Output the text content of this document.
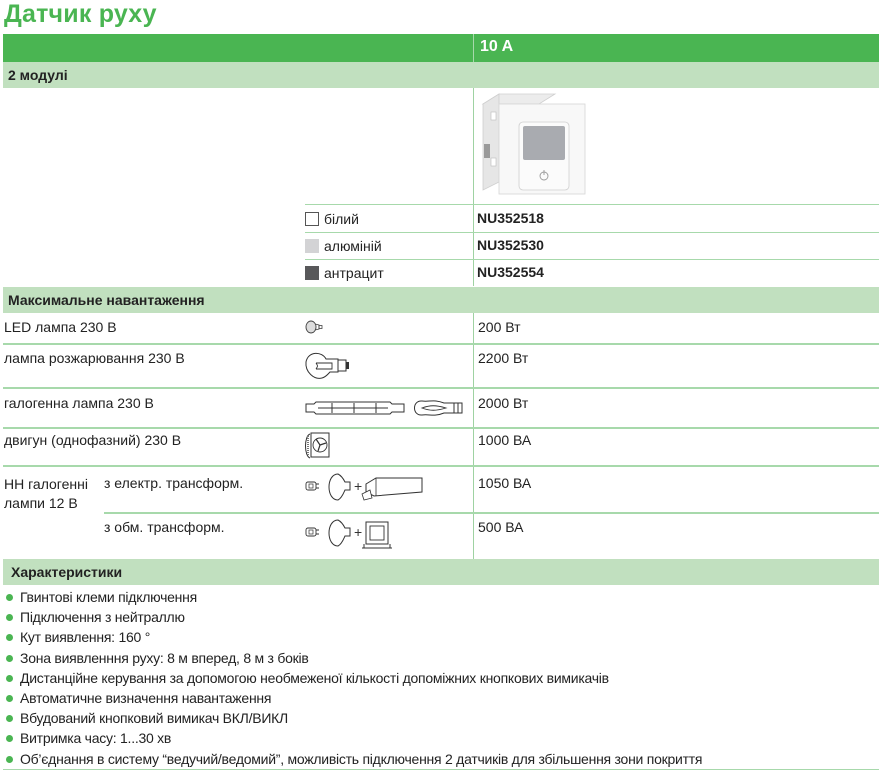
Датчик руху
10 A
2 модулі
білий	NU352518
алюміній	NU352530
антрацит	NU352554
Максимальне навантаження
LED лампа 230 В	200 Вт
лампа розжарювання 230 В	2200 Вт
галогенна лампа 230 В	2000 Вт
двигун (однофазний) 230 В	1000 ВА
НН галогенні лампи 12 В
з електр. трансформ.	+	1050 ВА
з обм. трансформ.	+	500 ВА
Характеристики
Гвинтові клеми підключення
Підключення з нейтраллю
Кут виявлення: 160 °
Зона виявленння руху: 8 м вперед, 8 м з боків
Дистанційне керування за допомогою необмеженої кількості допоміжних кнопкових вимикачів
Автоматичне визначення навантаження
Вбудований кнопковий вимикач ВКЛ/ВИКЛ
Витримка часу: 1...30 хв
Об’єднання в систему “ведучий/ведомий”, можливість підключення 2 датчиків для збільшення зони покриття
